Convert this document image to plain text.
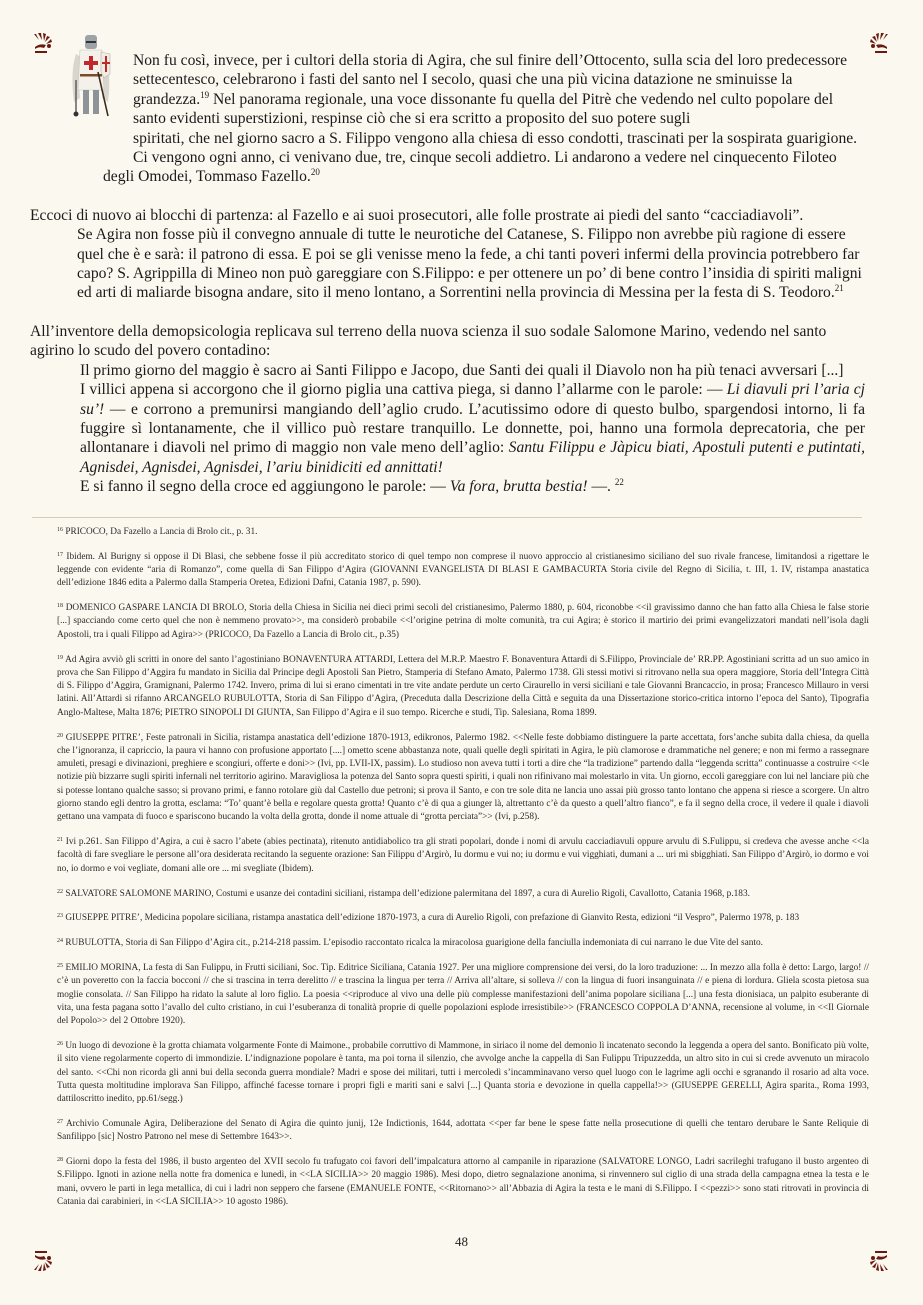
Non fu così, invece, per i cultori della storia di Agira, che sul finire dell’Ottocento, sulla scia del loro predecessore settecentesco, celebrarono i fasti del santo nel I secolo, quasi che una più vicina datazione ne sminuisse la grandezza.$^{19}$ Nel panorama regionale, una voce dissonante fu quella del Pitrè che vedendo nel culto popolare del santo evidenti superstizioni, respinse ciò che si era scritto a proposito del suo potere sugli
spiritati, che nel giorno sacro a S. Filippo vengono alla chiesa di esso condotti, trascinati per la sospirata guarigione.
Ci vengono ogni anno, ci venivano due, tre, cinque secoli addietro. Li andarono a vedere nel cinquecento Filoteo
degli Omodei, Tommaso Fazello.$^{20}$

Eccoci di nuovo ai blocchi di partenza: al Fazello e ai suoi prosecutori, alle folle prostrate ai piedi del santo “cacciadiavoli”.

Se Agira non fosse più il convegno annuale di tutte le neurotiche del Catanese, S. Filippo non avrebbe più ragione di essere quel che è e sarà: il patrono di essa. E poi se gli venisse meno la fede, a chi tanti poveri infermi della provincia potrebbero far capo? S. Agrippilla di Mineo non può gareggiare con S.Filippo: e per ottenere un po’ di bene contro l’insidia di spiriti maligni ed arti di maliarde bisogna andare, sito il meno lontano, a Sorrentini nella provincia di Messina per la festa di S. Teodoro.$^{21}$

All’inventore della demopsicologia replicava sul terreno della nuova scienza il suo sodale Salomone Marino, vedendo nel santo agirino lo scudo del povero contadino:

Il primo giorno del maggio è sacro ai Santi Filippo e Jacopo, due Santi dei quali il Diavolo non ha più tenaci avversari [...]

I villici appena si accorgono che il giorno piglia una cattiva piega, si danno l’allarme con le parole: — Li diavuli pri l’aria cj su’! — e corrono a premunirsi mangiando dell’aglio crudo. L’acutissimo odore di questo bulbo, spargendosi intorno, li fa fuggire sì lontanamente, che il villico può restare tranquillo. Le donnette, poi, hanno una formola deprecatoria, che per allontanare i diavoli nel primo di maggio non vale meno dell’aglio: Santu Filippu e Jàpicu biati, Apostuli putenti e putintati, Agnisdei, Agnisdei, Agnisdei, l’ariu binidiciti ed annittati!

E si fanno il segno della croce ed aggiungono le parole: — Va fora, brutta bestia! —. $^{22}$

$^{16}$ PRICOCO, Da Fazello a Lancia di Brolo cit., p. 31.

$^{17}$ Ibidem. Al Burigny si oppose il Di Blasi, che sebbene fosse il più accreditato storico di quel tempo non comprese il nuovo approccio al cristianesimo siciliano del suo rivale francese, limitandosi a rigettare le leggende con evidente “aria di Romanzo”, come quella di San Filippo d’Agira (GIOVANNI EVANGELISTA DI BLASI E GAMBACURTA Storia civile del Regno di Sicilia, t. III, 1. IV, ristampa anastatica dell’edizione 1846 edita a Palermo dalla Stamperia Oretea, Edizioni Dafni, Catania 1987, p. 590).

$^{18}$ DOMENICO GASPARE LANCIA DI BROLO, Storia della Chiesa in Sicilia nei dieci primi secoli del cristianesimo, Palermo 1880, p. 604, riconobbe <<il gravissimo danno che han fatto alla Chiesa le false storie [...] spacciando come certo quel che non è nemmeno provato>>, ma considerò probabile <<l’origine petrina di molte comunità, tra cui Agira; è storico il martirio dei primi evangelizzatori mandati nell’isola dagli Apostoli, tra i quali Filippo ad Agira>> (PRICOCO, Da Fazello a Lancia di Brolo cit., p.35)

$^{19}$ Ad Agira avviò gli scritti in onore del santo l’agostiniano BONAVENTURA ATTARDI, Lettera del M.R.P. Maestro F. Bonaventura Attardi di S.Filippo, Provinciale de’ RR.PP. Agostiniani scritta ad un suo amico in prova che San Filippo d’Aggira fu mandato in Sicilia dal Principe degli Apostoli San Pietro, Stamperia di Stefano Amato, Palermo 1738. Gli stessi motivi si ritrovano nella sua opera maggiore, Storia dell’Integra Città di S. Filippo d’Aggira, Gramignani, Palermo 1742. Invero, prima di lui si erano cimentati in tre vite andate perdute un certo Ciraurello in versi siciliani e tale Giovanni Brancaccio, in prosa; Francesco Millauro in versi latini. All’Attardi si rifanno ARCANGELO RUBULOTTA, Storia di San Filippo d’Agira, (Preceduta dalla Descrizione della Città e seguita da una Dissertazione storico-critica intorno l’epoca del Santo), Tipografia Anglo-Maltese, Malta 1876; PIETRO SINOPOLI DI GIUNTA, San Filippo d’Agira e il suo tempo. Ricerche e studi, Tip. Salesiana, Roma 1899.

$^{20}$ GIUSEPPE PITRE’, Feste patronali in Sicilia, ristampa anastatica dell’edizione 1870-1913, edikronos, Palermo 1982. <<Nelle feste dobbiamo distinguere la parte accettata, fors’anche subita dalla chiesa, da quella che l’ignoranza, il capriccio, la paura vi hanno con profusione apportato [....] ometto scene abbastanza note, quali quelle degli spiritati in Agira, le più clamorose e drammatiche nel genere; e non mi fermo a rassegnare amuleti, presagi e divinazioni, preghiere e scongiuri, offerte e doni>> (Ivi, pp. LVII-IX, passim). Lo studioso non aveva tutti i torti a dire che “la tradizione” partendo dalla “leggenda scritta” continuasse a costruire <<le notizie più bizzarre sugli spiriti infernali nel territorio agirino. Maravigliosa la potenza del Santo sopra questi spiriti, i quali non rifinivano mai molestarlo in vita. Un giorno, eccoli gareggiare con lui nel lanciare più che si potesse lontano qualche sasso; si provano primi, e fanno rotolare giù dal Castello due petroni; si prova il Santo, e con tre sole dita ne lancia uno assai più grosso tanto lontano che appena si riesce a scorgere. Un altro giorno stando egli dentro la grotta, esclama: “To’ quant’è bella e regolare questa grotta! Quanto c’è di qua a giunger là, altrettanto c’è da questo a quell’altro fianco”, e fa il segno della croce, il vedere il quale i diavoli gettano una vampata di fuoco e spariscono bucando la volta della grotta, donde il nome attuale di “grotta perciata”>> (Ivi, p.258).

$^{21}$ Ivi p.261. San Filippo d’Agira, a cui è sacro l’abete (abies pectinata), ritenuto antidiabolico tra gli strati popolari, donde i nomi di arvulu cacciadiavuli oppure arvulu di S.Fulippu, si credeva che avesse anche <<la facoltà di fare svegliare le persone all’ora desiderata recitando la seguente orazione: San Filippu d’Argirò, Iu dormu e vui no; iu dormu e vui vigghiati, dumani a ... uri mi sbigghiati. San Filippo d’Argirò, io dormo e voi no, io dormo e voi vegliate, domani alle ore ... mi svegliate (Ibidem).

$^{22}$ SALVATORE SALOMONE MARINO, Costumi e usanze dei contadini siciliani, ristampa dell’edizione palermitana del 1897, a cura di Aurelio Rigoli, Cavallotto, Catania 1968, p.183.

$^{23}$ GIUSEPPE PITRE’, Medicina popolare siciliana, ristampa anastatica dell’edizione 1870-1973, a cura di Aurelio Rigoli, con prefazione di Gianvito Resta, edizioni “il Vespro”, Palermo 1978, p. 183

$^{24}$ RUBULOTTA, Storia di San Filippo d’Agira cit., p.214-218 passim. L’episodio raccontato ricalca la miracolosa guarigione della fanciulla indemoniata di cui narrano le due Vite del santo.

$^{25}$ EMILIO MORINA, La festa di San Fulippu, in Frutti siciliani, Soc. Tip. Editrice Siciliana, Catania 1927. Per una migliore comprensione dei versi, do la loro traduzione: ... In mezzo alla folla è detto: Largo, largo! // c’è un poveretto con la faccia bocconi // che si trascina in terra derelitto // e trascina la lingua per terra // Arriva all’altare, si solleva // con la lingua di fuori insanguinata // e piena di lordura. Gliela scosta pietosa sua moglie consolata. // San Filippo ha ridato la salute al loro figlio. La poesia <<riproduce al vivo una delle più complesse manifestazioni dell’anima popolare siciliana [...] una festa dionisiaca, un palpito esuberante di vita, una festa pagana sotto l’avallo del culto cristiano, in cui l’esuberanza di tonalità proprie di quelle popolazioni esplode irresistibile>> (FRANCESCO COPPOLA D’ANNA, recensione al volume, in <<Il Giornale del Popolo>> del 2 Ottobre 1920).

$^{26}$ Un luogo di devozione è la grotta chiamata volgarmente Fonte di Maimone., probabile corruttivo di Mammone, in siriaco il nome del demonio lì incatenato secondo la leggenda a opera del santo. Bonificato più volte, il sito viene regolarmente coperto di immondizie. L’indignazione popolare è tanta, ma poi torna il silenzio, che avvolge anche la cappella di San Fulippu Tripuzzedda, un altro sito in cui si crede avvenuto un miracolo del santo. <<Chi non ricorda gli anni bui della seconda guerra mondiale? Madri e spose dei militari, tutti i mercoledì s’incamminavano verso quel luogo con le lagrime agli occhi e sgranando il rosario ad alta voce. Tutta questa moltitudine implorava San Filippo, affinché facesse tornare i propri figli e mariti sani e salvi [...] Quanta storia e devozione in quella cappella!>> (GIUSEPPE GERELLI, Agira sparita., Roma 1993, dattiloscritto inedito, pp.61/segg.)

$^{27}$ Archivio Comunale Agira, Deliberazione del Senato di Agira die quinto junij, 12e Indictionis, 1644, adottata <<per far bene le spese fatte nella prosecutione di quelli che tentaro derubare le Sante Reliquie di Sanfilippo [sic] Nostro Patrono nel mese di Settembre 1643>>.

$^{28}$ Giorni dopo la festa del 1986, il busto argenteo del XVII secolo fu trafugato coi favori dell’impalcatura attorno al campanile in riparazione (SALVATORE LONGO, Ladri sacrileghi trafugano il busto argenteo di S.Filippo. Ignoti in azione nella notte fra domenica e lunedì, in <<LA SICILIA>> 20 maggio 1986). Mesi dopo, dietro segnalazione anonima, si rinvennero sul ciglio di una strada della campagna etnea la testa e le mani, ovvero le parti in lega metallica, di cui i ladri non seppero che farsene (EMANUELE FONTE, <<Ritornano>> all’Abbazia di Agira la testa e le mani di S.Filippo. I <<pezzi>> sono stati ritrovati in provincia di Catania dai carabinieri, in <<LA SICILIA>> 10 agosto 1986).

48
